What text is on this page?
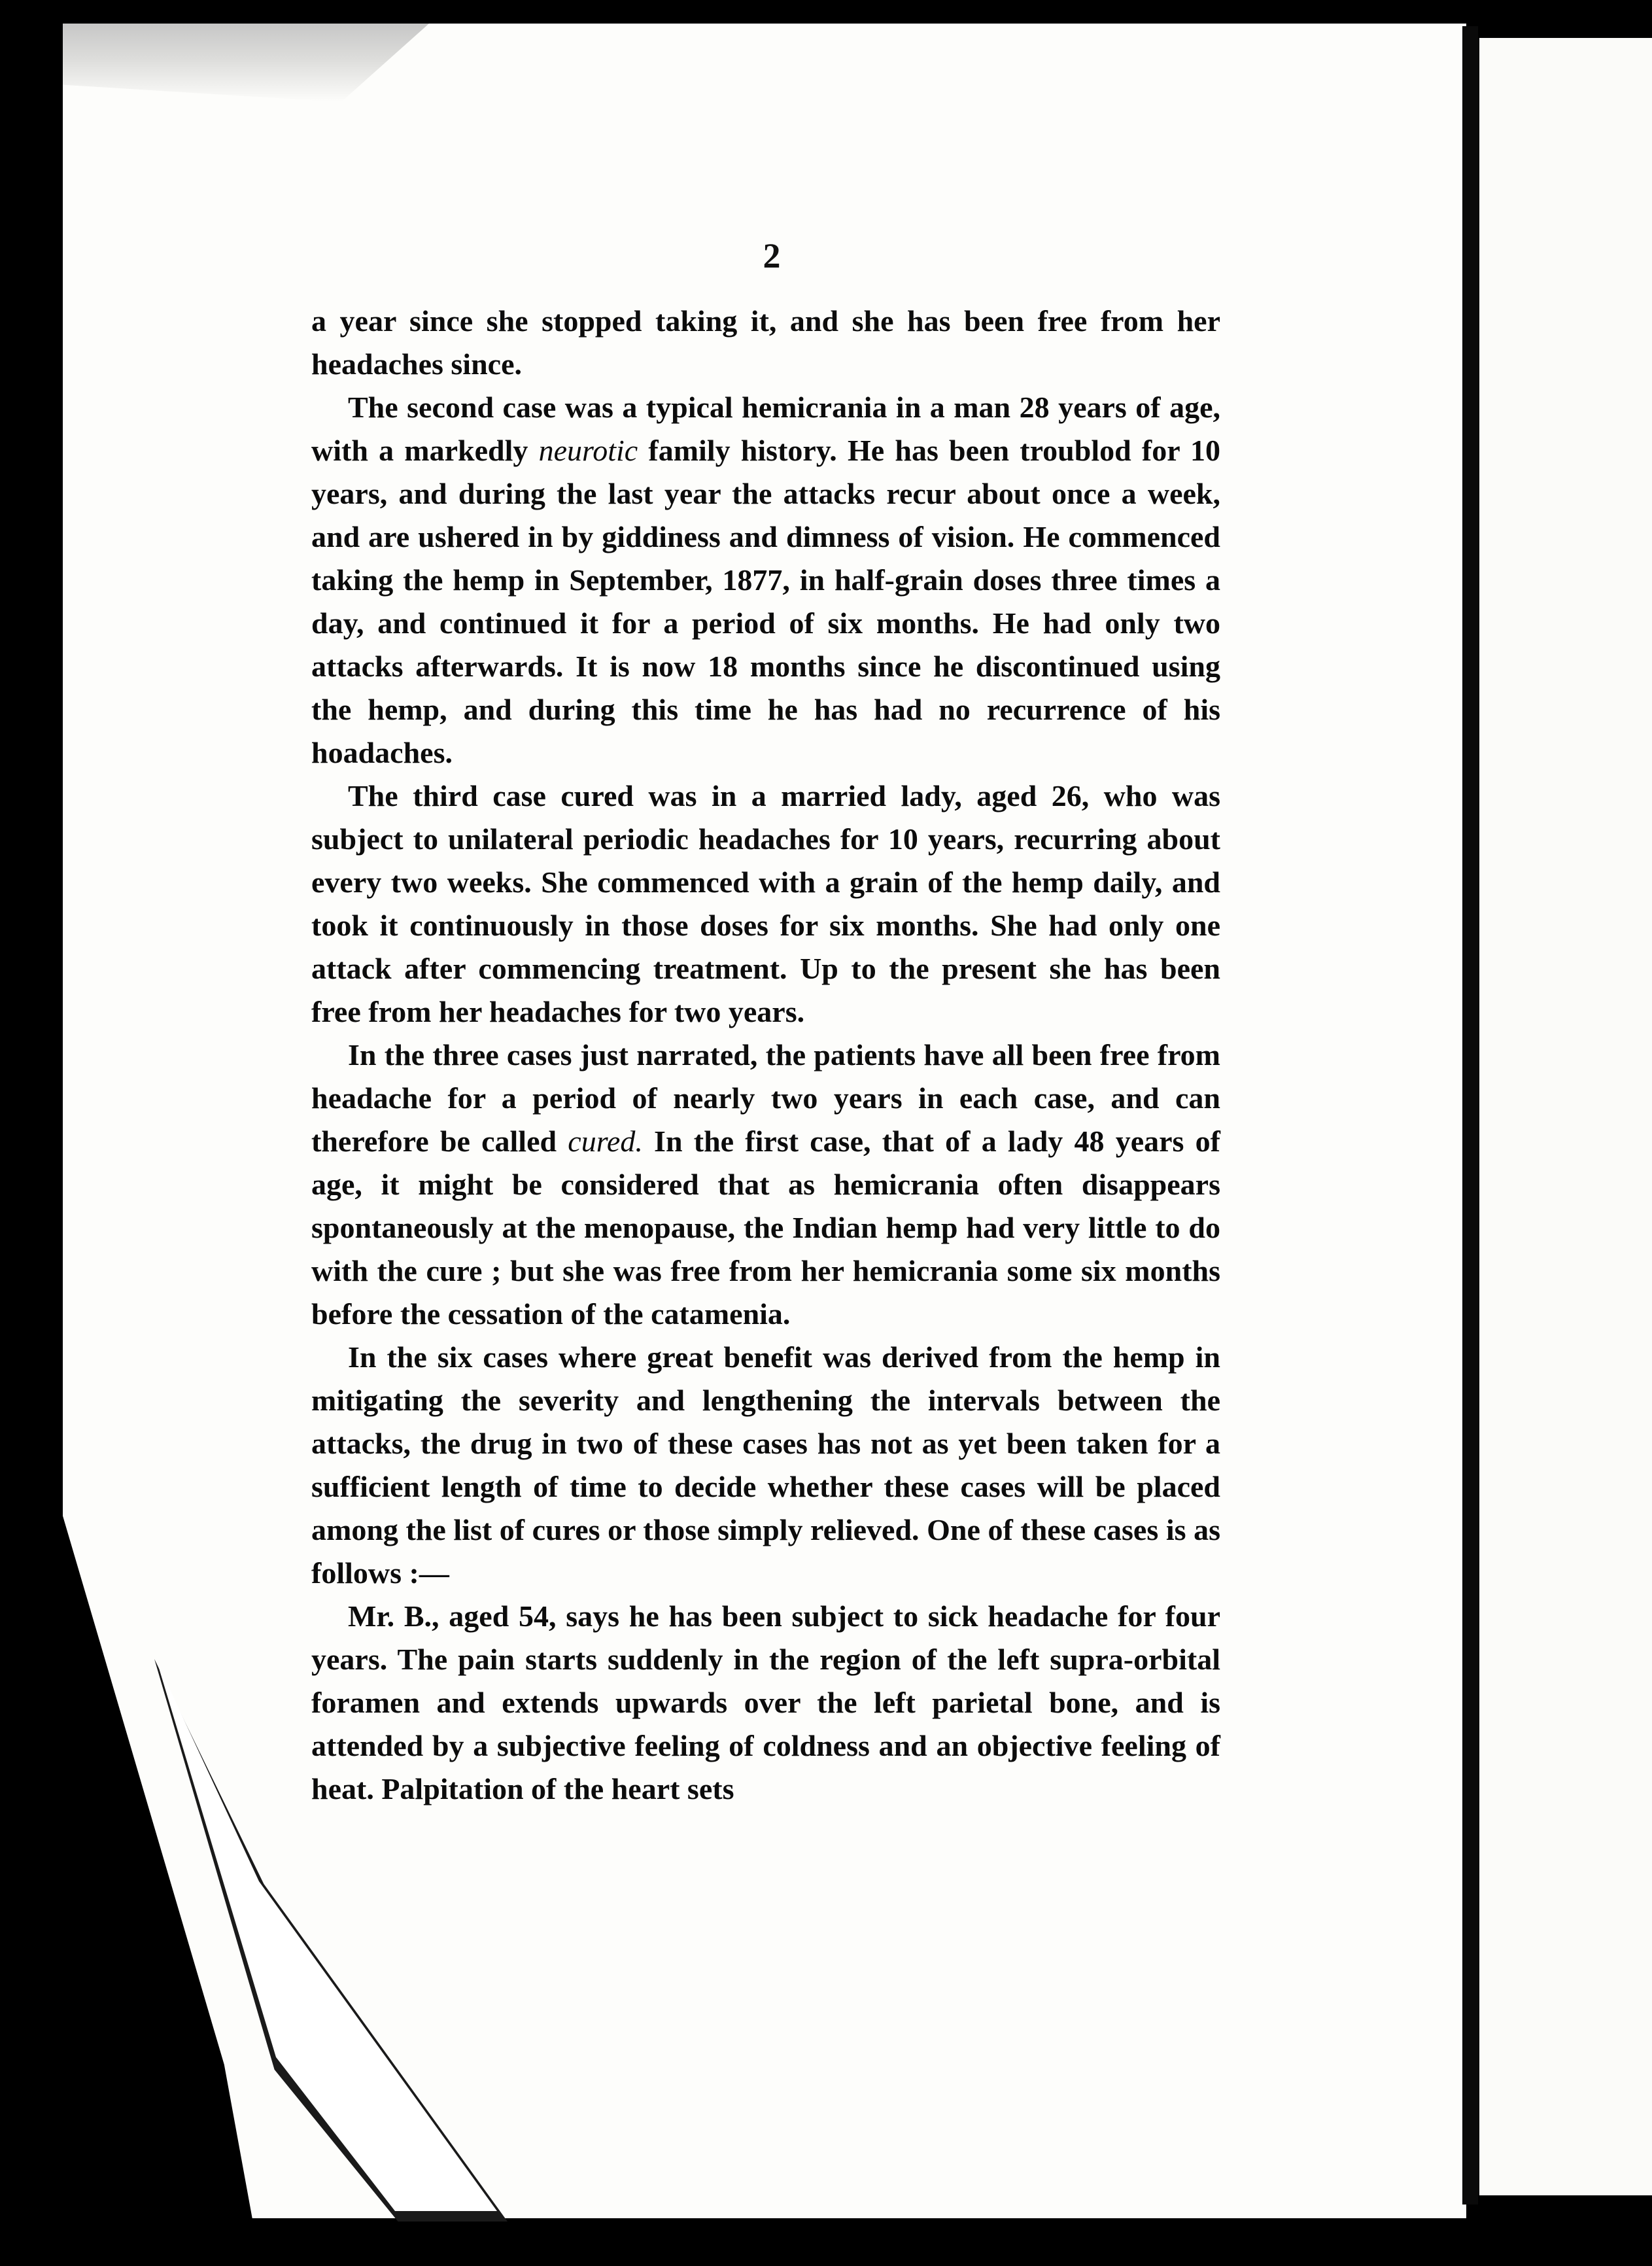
2

a year since she stopped taking it, and she has been free from her headaches since.

The second case was a typical hemicrania in a man 28 years of age, with a markedly neurotic family history. He has been troublod for 10 years, and during the last year the attacks recur about once a week, and are ushered in by giddiness and dimness of vision. He commenced taking the hemp in September, 1877, in half-grain doses three times a day, and continued it for a period of six months. He had only two attacks afterwards. It is now 18 months since he discontinued using the hemp, and during this time he has had no recurrence of his hoadaches.

The third case cured was in a married lady, aged 26, who was subject to unilateral periodic headaches for 10 years, recurring about every two weeks. She commenced with a grain of the hemp daily, and took it continuously in those doses for six months. She had only one attack after commencing treatment. Up to the present she has been free from her headaches for two years.

In the three cases just narrated, the patients have all been free from headache for a period of nearly two years in each case, and can therefore be called cured. In the first case, that of a lady 48 years of age, it might be considered that as hemicrania often disappears spontaneously at the menopause, the Indian hemp had very little to do with the cure ; but she was free from her hemicrania some six months before the cessation of the catamenia.

In the six cases where great benefit was derived from the hemp in mitigating the severity and lengthening the intervals between the attacks, the drug in two of these cases has not as yet been taken for a sufficient length of time to decide whether these cases will be placed among the list of cures or those simply relieved. One of these cases is as follows :—

Mr. B., aged 54, says he has been subject to sick headache for four years. The pain starts suddenly in the region of the left supra-orbital foramen and extends upwards over the left parietal bone, and is attended by a subjective feeling of coldness and an objective feeling of heat. Palpitation of the heart sets
